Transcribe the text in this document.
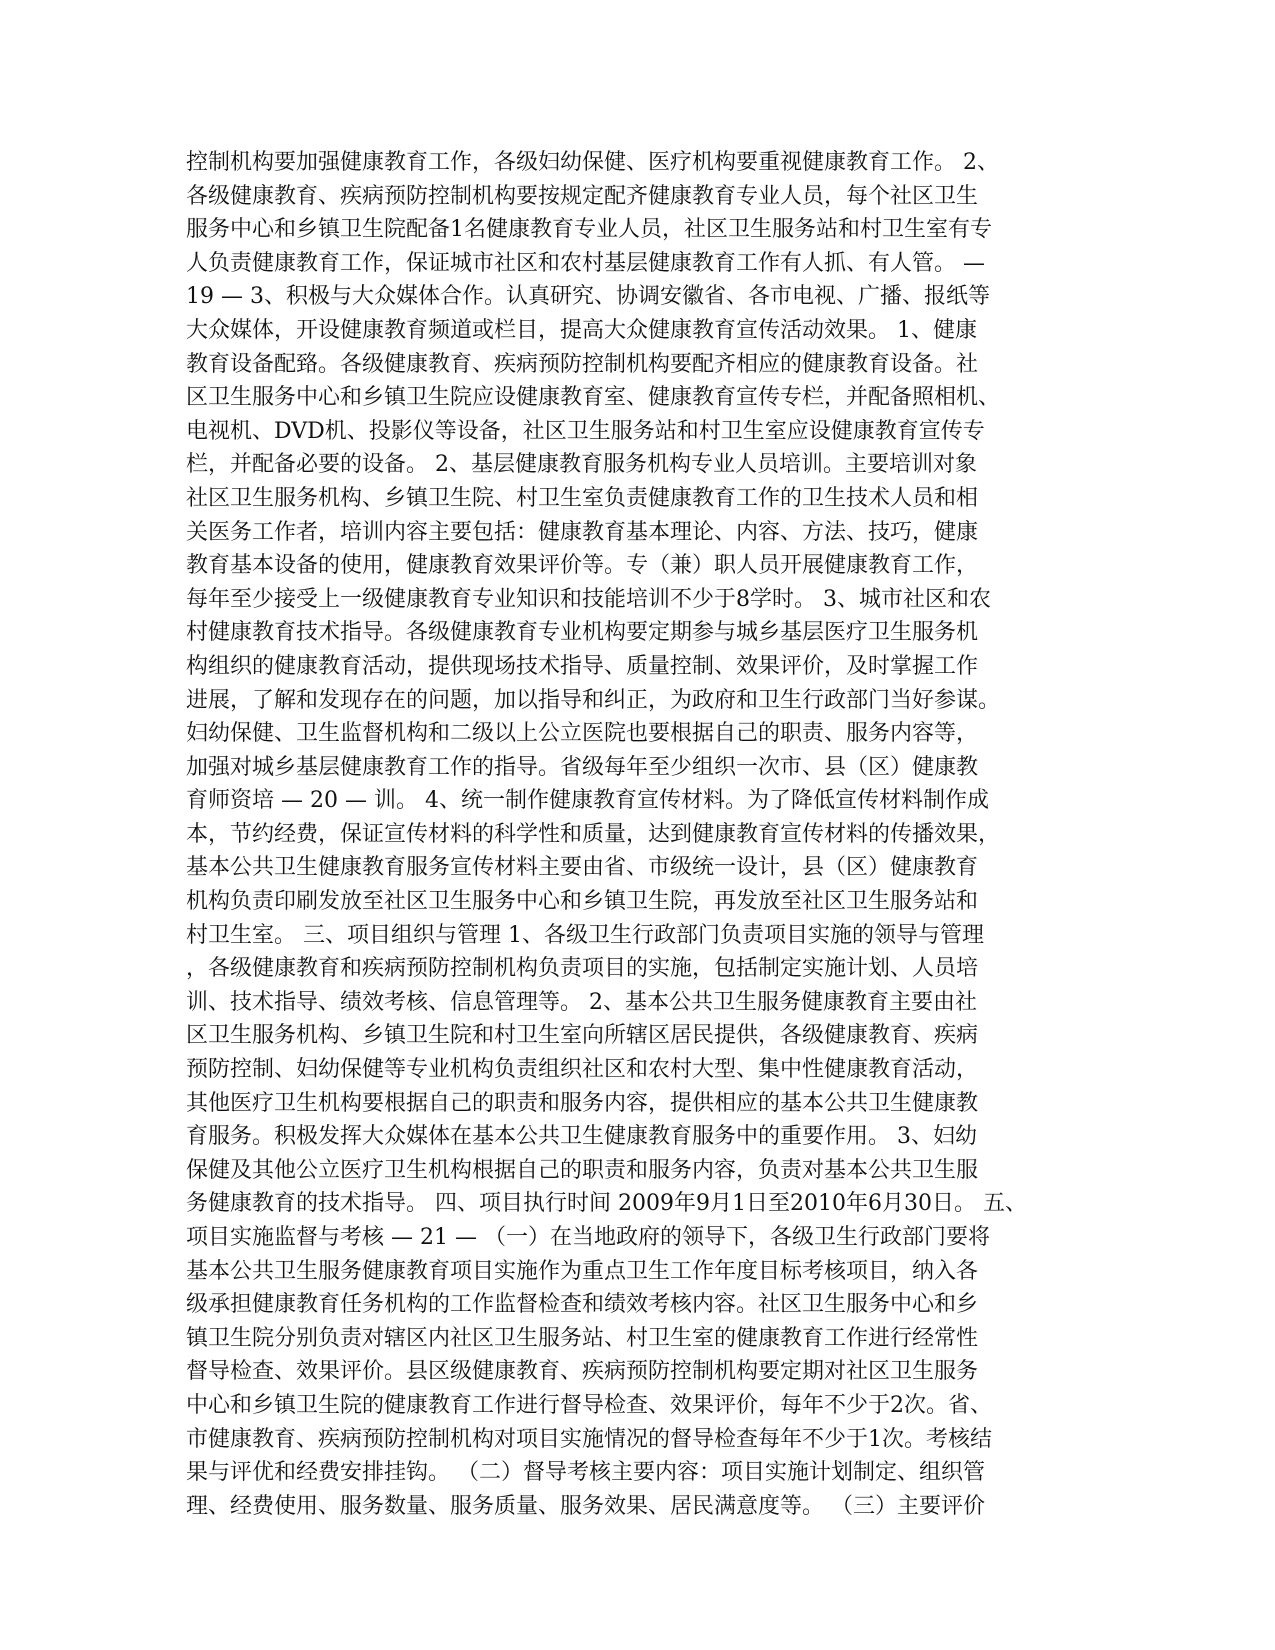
控制机构要加强健康教育工作，各级妇幼保健、医疗机构要重视健康教育工作。 2、
各级健康教育、疾病预防控制机构要按规定配齐健康教育专业人员，每个社区卫生
服务中心和乡镇卫生院配备1名健康教育专业人员，社区卫生服务站和村卫生室有专
人负责健康教育工作，保证城市社区和农村基层健康教育工作有人抓、有人管。 —
19 — 3、积极与大众媒体合作。认真研究、协调安徽省、各市电视、广播、报纸等
大众媒体，开设健康教育频道或栏目，提高大众健康教育宣传活动效果。 1、健康
教育设备配臵。各级健康教育、疾病预防控制机构要配齐相应的健康教育设备。社
区卫生服务中心和乡镇卫生院应设健康教育室、健康教育宣传专栏，并配备照相机、
电视机、DVD机、投影仪等设备，社区卫生服务站和村卫生室应设健康教育宣传专
栏，并配备必要的设备。 2、基层健康教育服务机构专业人员培训。主要培训对象
社区卫生服务机构、乡镇卫生院、村卫生室负责健康教育工作的卫生技术人员和相
关医务工作者，培训内容主要包括：健康教育基本理论、内容、方法、技巧，健康
教育基本设备的使用，健康教育效果评价等。专（兼）职人员开展健康教育工作，
每年至少接受上一级健康教育专业知识和技能培训不少于8学时。 3、城市社区和农
村健康教育技术指导。各级健康教育专业机构要定期参与城乡基层医疗卫生服务机
构组织的健康教育活动，提供现场技术指导、质量控制、效果评价，及时掌握工作
进展，了解和发现存在的问题，加以指导和纠正，为政府和卫生行政部门当好参谋。
妇幼保健、卫生监督机构和二级以上公立医院也要根据自己的职责、服务内容等，
加强对城乡基层健康教育工作的指导。省级每年至少组织一次市、县（区）健康教
育师资培 — 20 — 训。 4、统一制作健康教育宣传材料。为了降低宣传材料制作成
本，节约经费，保证宣传材料的科学性和质量，达到健康教育宣传材料的传播效果，
基本公共卫生健康教育服务宣传材料主要由省、市级统一设计，县（区）健康教育
机构负责印刷发放至社区卫生服务中心和乡镇卫生院，再发放至社区卫生服务站和
村卫生室。 三、项目组织与管理 1、各级卫生行政部门负责项目实施的领导与管理
，各级健康教育和疾病预防控制机构负责项目的实施，包括制定实施计划、人员培
训、技术指导、绩效考核、信息管理等。 2、基本公共卫生服务健康教育主要由社
区卫生服务机构、乡镇卫生院和村卫生室向所辖区居民提供，各级健康教育、疾病
预防控制、妇幼保健等专业机构负责组织社区和农村大型、集中性健康教育活动，
其他医疗卫生机构要根据自己的职责和服务内容，提供相应的基本公共卫生健康教
育服务。积极发挥大众媒体在基本公共卫生健康教育服务中的重要作用。 3、妇幼
保健及其他公立医疗卫生机构根据自己的职责和服务内容，负责对基本公共卫生服
务健康教育的技术指导。 四、项目执行时间 2009年9月1日至2010年6月30日。 五、
项目实施监督与考核 — 21 — （一）在当地政府的领导下，各级卫生行政部门要将
基本公共卫生服务健康教育项目实施作为重点卫生工作年度目标考核项目，纳入各
级承担健康教育任务机构的工作监督检查和绩效考核内容。社区卫生服务中心和乡
镇卫生院分别负责对辖区内社区卫生服务站、村卫生室的健康教育工作进行经常性
督导检查、效果评价。县区级健康教育、疾病预防控制机构要定期对社区卫生服务
中心和乡镇卫生院的健康教育工作进行督导检查、效果评价，每年不少于2次。省、
市健康教育、疾病预防控制机构对项目实施情况的督导检查每年不少于1次。考核结
果与评优和经费安排挂钩。 （二）督导考核主要内容：项目实施计划制定、组织管
理、经费使用、服务数量、服务质量、服务效果、居民满意度等。 （三）主要评价
